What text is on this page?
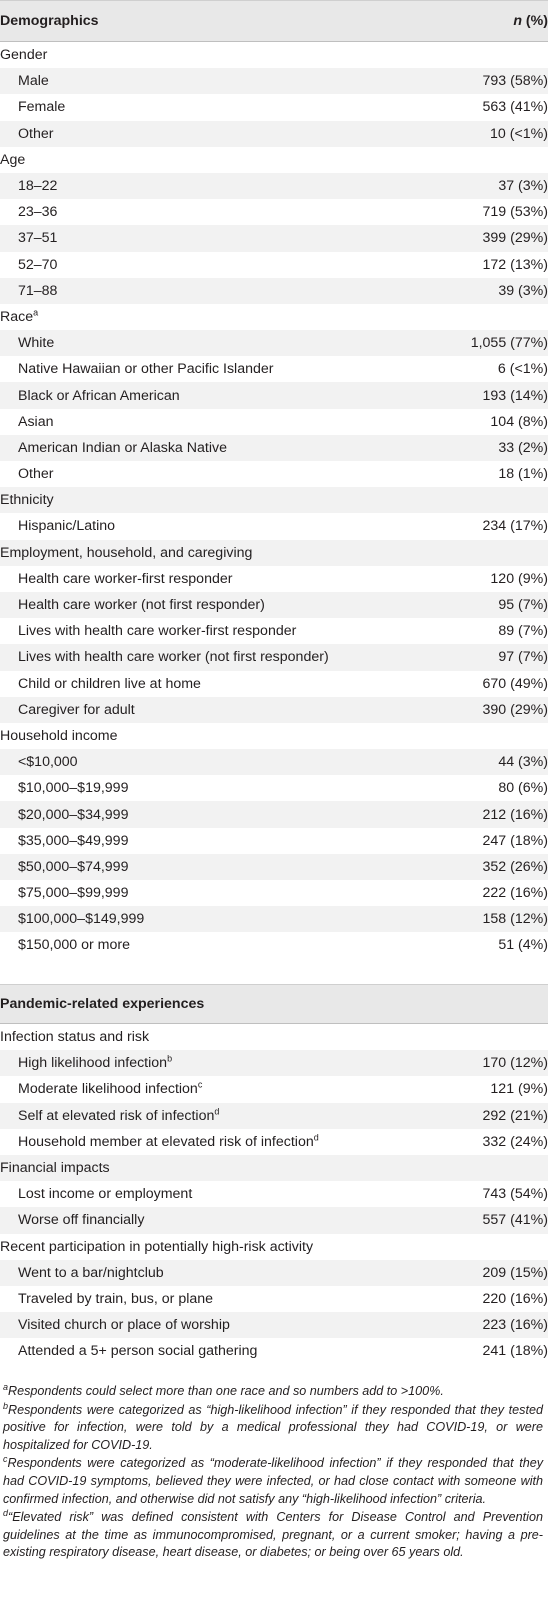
Demographics	n (%)
Gender	
Male	793 (58%)
Female	563 (41%)
Other	10 (<1%)
Age	
18–22	37 (3%)
23–36	719 (53%)
37–51	399 (29%)
52–70	172 (13%)
71–88	39 (3%)
Race$^a$	
White	1,055 (77%)
Native Hawaiian or other Pacific Islander	6 (<1%)
Black or African American	193 (14%)
Asian	104 (8%)
American Indian or Alaska Native	33 (2%)
Other	18 (1%)
Ethnicity	
Hispanic/Latino	234 (17%)
Employment, household, and caregiving	
Health care worker-first responder	120 (9%)
Health care worker (not first responder)	95 (7%)
Lives with health care worker-first responder	89 (7%)
Lives with health care worker (not first responder)	97 (7%)
Child or children live at home	670 (49%)
Caregiver for adult	390 (29%)
Household income	
<$10,000	44 (3%)
$10,000–$19,999	80 (6%)
$20,000–$34,999	212 (16%)
$35,000–$49,999	247 (18%)
$50,000–$74,999	352 (26%)
$75,000–$99,999	222 (16%)
$100,000–$149,999	158 (12%)
$150,000 or more	51 (4%)
Pandemic-related experiences	
Infection status and risk	
High likelihood infection$^b$	170 (12%)
Moderate likelihood infection$^c$	121 (9%)
Self at elevated risk of infection$^d$	292 (21%)
Household member at elevated risk of infection$^d$	332 (24%)
Financial impacts	
Lost income or employment	743 (54%)
Worse off financially	557 (41%)
Recent participation in potentially high-risk activity	
Went to a bar/nightclub	209 (15%)
Traveled by train, bus, or plane	220 (16%)
Visited church or place of worship	223 (16%)
Attended a 5+ person social gathering	241 (18%)

$^a$Respondents could select more than one race and so numbers add to >100%.

$^b$Respondents were categorized as “high-likelihood infection” if they responded that they tested positive for infection, were told by a medical professional they had COVID-19, or were hospitalized for COVID-19.

$^c$Respondents were categorized as “moderate-likelihood infection” if they responded that they had COVID-19 symptoms, believed they were infected, or had close contact with someone with confirmed infection, and otherwise did not satisfy any “high-likelihood infection” criteria.

$^d$“Elevated risk” was defined consistent with Centers for Disease Control and Prevention guidelines at the time as immunocompromised, pregnant, or a current smoker; having a pre-existing respiratory disease, heart disease, or diabetes; or being over 65 years old.
